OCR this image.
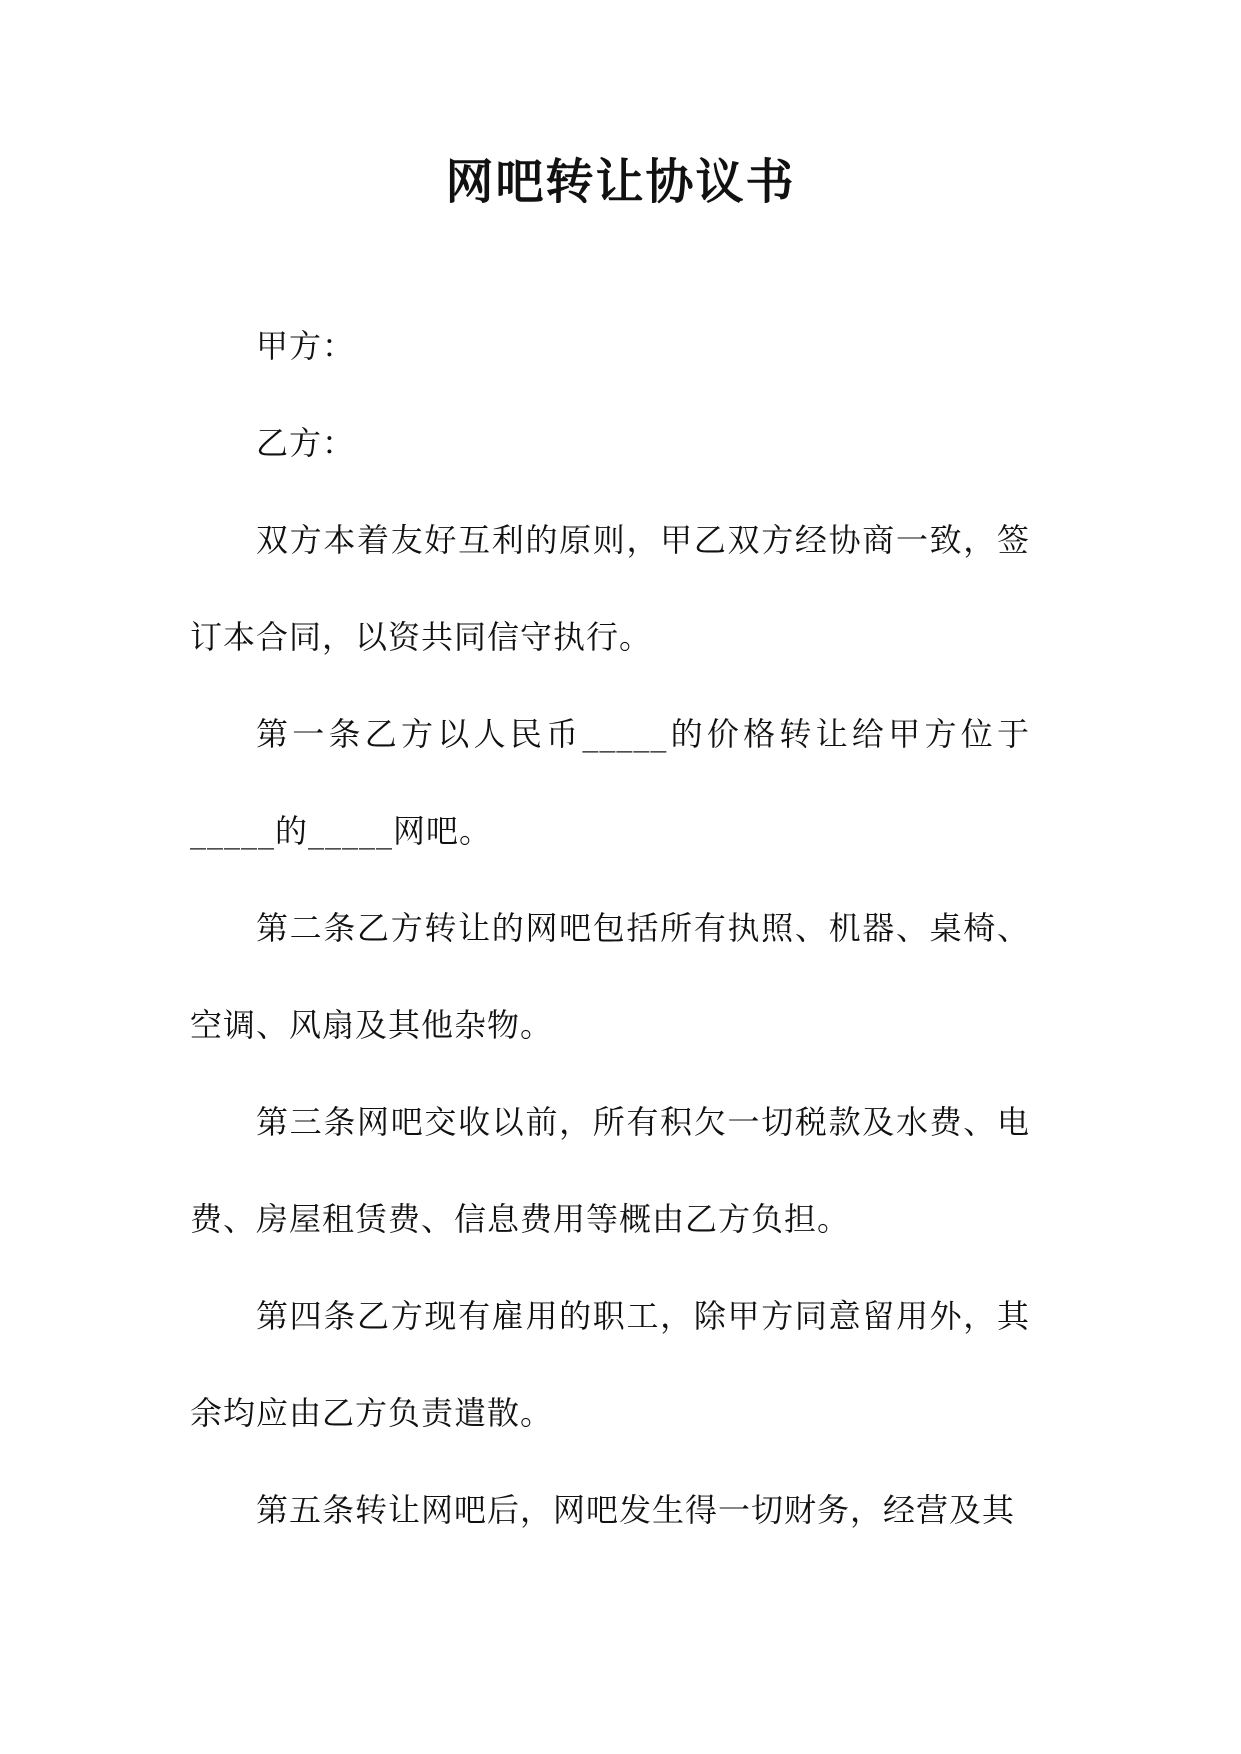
网吧转让协议书

甲方：

乙方：

双方本着友好互利的原则，甲乙双方经协商一致，签订本合同，以资共同信守执行。

第一条乙方以人民币_____的价格转让给甲方位于_____的_____网吧。

第二条乙方转让的网吧包括所有执照、机器、桌椅、空调、风扇及其他杂物。

第三条网吧交收以前，所有积欠一切税款及水费、电费、房屋租赁费、信息费用等概由乙方负担。

第四条乙方现有雇用的职工，除甲方同意留用外，其余均应由乙方负责遣散。

第五条转让网吧后，网吧发生得一切财务，经营及其
